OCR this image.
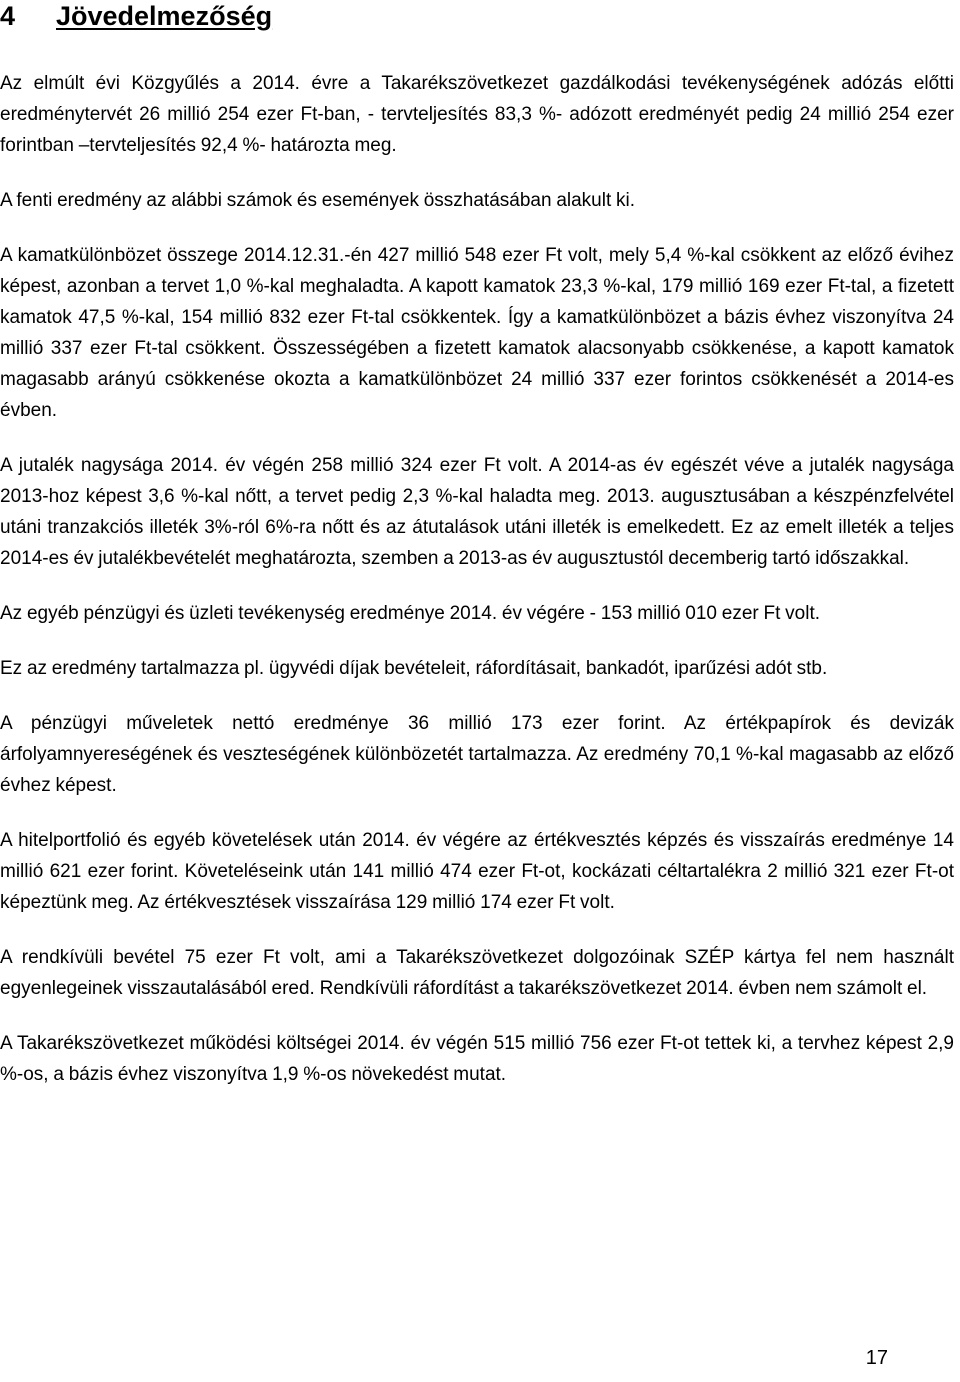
4 Jövedelmezőség

Az elmúlt évi Közgyűlés a 2014. évre a Takarékszövetkezet gazdálkodási tevékenységének adózás előtti eredménytervét 26 millió 254 ezer Ft-ban, - tervteljesítés 83,3 %- adózott eredményét pedig 24 millió 254 ezer forintban –tervteljesítés 92,4 %- határozta meg.

A fenti eredmény az alábbi számok és események összhatásában alakult ki.

A kamatkülönbözet összege 2014.12.31.-én 427 millió 548 ezer Ft volt, mely 5,4 %-kal csökkent az előző évihez képest, azonban a tervet 1,0 %-kal meghaladta. A kapott kamatok 23,3 %-kal, 179 millió 169 ezer Ft-tal, a fizetett kamatok 47,5 %-kal, 154 millió 832 ezer Ft-tal csökkentek. Így a kamatkülönbözet a bázis évhez viszonyítva 24 millió 337 ezer Ft-tal csökkent. Összességében a fizetett kamatok alacsonyabb csökkenése, a kapott kamatok magasabb arányú csökkenése okozta a kamatkülönbözet 24 millió 337 ezer forintos csökkenését a 2014-es évben.

A jutalék nagysága 2014. év végén 258 millió 324 ezer Ft volt. A 2014-as év egészét véve a jutalék nagysága 2013-hoz képest 3,6 %-kal nőtt, a tervet pedig 2,3 %-kal haladta meg. 2013. augusztusában a készpénzfelvétel utáni tranzakciós illeték 3%-ról 6%-ra nőtt és az átutalások utáni illeték is emelkedett. Ez az emelt illeték a teljes 2014-es év jutalékbevételét meghatározta, szemben a 2013-as év augusztustól decemberig tartó időszakkal.

Az egyéb pénzügyi és üzleti tevékenység eredménye 2014. év végére - 153 millió 010 ezer Ft volt.

Ez az eredmény tartalmazza pl. ügyvédi díjak bevételeit, ráfordításait, bankadót, iparűzési adót stb.

A pénzügyi műveletek nettó eredménye 36 millió 173 ezer forint. Az értékpapírok és devizák árfolyamnyereségének és veszteségének különbözetét tartalmazza. Az eredmény 70,1 %-kal magasabb az előző évhez képest.

A hitelportfolió és egyéb követelések után 2014. év végére az értékvesztés képzés és visszaírás eredménye 14 millió 621 ezer forint. Követeléseink után 141 millió 474 ezer Ft-ot, kockázati céltartalékra 2 millió 321 ezer Ft-ot képeztünk meg. Az értékvesztések visszaírása 129 millió 174 ezer Ft volt.

A rendkívüli bevétel 75 ezer Ft volt, ami a Takarékszövetkezet dolgozóinak SZÉP kártya fel nem használt egyenlegeinek visszautalásából ered. Rendkívüli ráfordítást a takarékszövetkezet 2014. évben nem számolt el.

A Takarékszövetkezet működési költségei 2014. év végén 515 millió 756 ezer Ft-ot tettek ki, a tervhez képest 2,9 %-os, a bázis évhez viszonyítva 1,9 %-os növekedést mutat.

17
